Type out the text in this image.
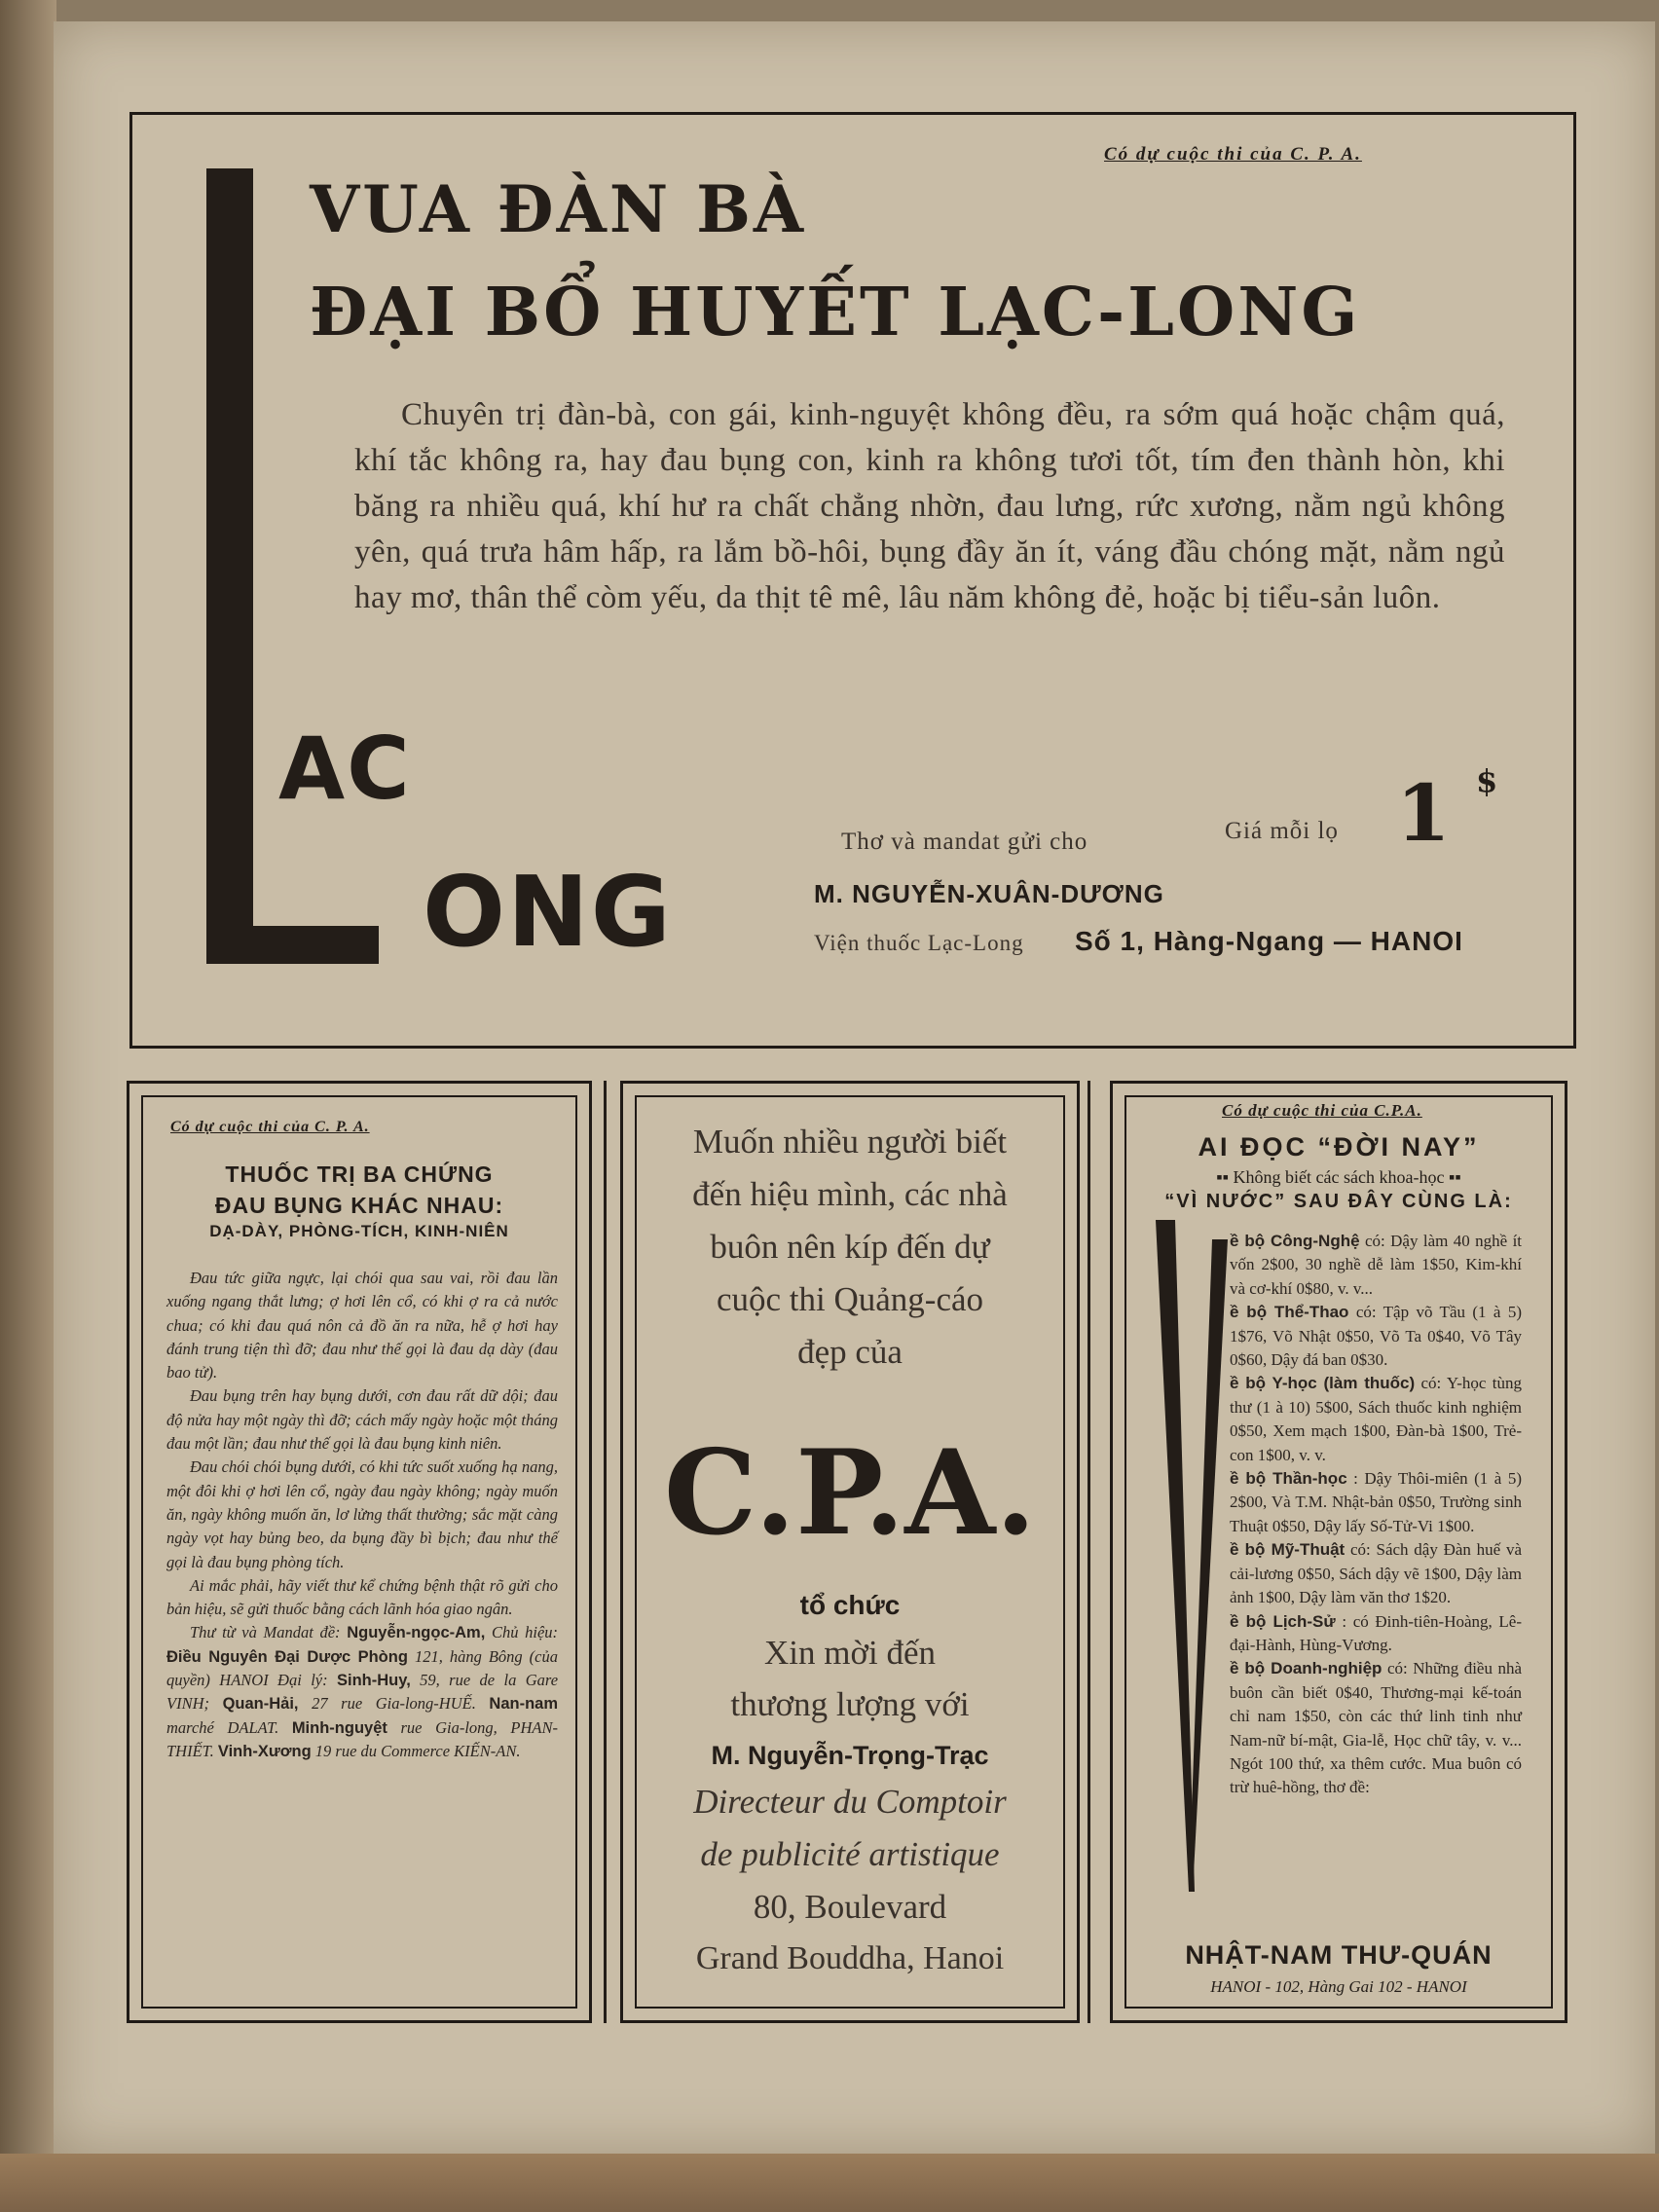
Có dự cuộc thi của C. P. A.
VUA ĐÀN BÀ
ĐẠI BỔ HUYẾT LẠC-LONG
Chuyên trị đàn-bà, con gái, kinh-nguyệt không đều, ra sớm quá hoặc chậm quá, khí tắc không ra, hay đau bụng con, kinh ra không tươi tốt, tím đen thành hòn, khi băng ra nhiều quá, khí hư ra chất chẳng nhờn, đau lưng, rức xương, nằm ngủ không yên, quá trưa hâm hấp, ra lắm bồ-hôi, bụng đầy ăn ít, váng đầu chóng mặt, nằm ngủ hay mơ, thân thể còm yếu, da thịt tê mê, lâu năm không đẻ, hoặc bị tiểu-sản luôn.
AC
ONG
Thơ và mandat gửi cho
M. NGUYỄN-XUÂN-DƯƠNG
Viện thuốc Lạc-Long Số 1, Hàng-Ngang — HANOI
Giá mỗi lọ 1 $
Có dự cuộc thi của C. P. A.
THUỐC TRỊ BA CHỨNG
ĐAU BỤNG KHÁC NHAU:
DẠ-DÀY, PHÒNG-TÍCH, KINH-NIÊN

Đau tức giữa ngực, lại chói qua sau vai, rồi đau lần xuống ngang thắt lưng; ợ hơi lên cổ, có khi ợ ra cả nước chua; có khi đau quá nôn cả đồ ăn ra nữa, hễ ợ hơi hay đánh trung tiện thì đỡ; đau như thế gọi là đau dạ dày (đau bao tử).

Đau bụng trên hay bụng dưới, cơn đau rất dữ dội; đau độ nửa hay một ngày thì đỡ; cách mấy ngày hoặc một tháng đau một lần; đau như thế gọi là đau bụng kinh niên.

Đau chói chói bụng dưới, có khi tức suốt xuống hạ nang, một đôi khi ợ hơi lên cổ, ngày đau ngày không; ngày muốn ăn, ngày không muốn ăn, lơ lửng thất thường; sắc mặt càng ngày vọt hay bủng beo, da bụng đầy bì bịch; đau như thế gọi là đau bụng phòng tích.

Ai mắc phải, hãy viết thư kể chứng bệnh thật rõ gửi cho bản hiệu, sẽ gửi thuốc bằng cách lãnh hóa giao ngân.

Thư từ và Mandat đề: Nguyễn-ngọc-Am, Chủ hiệu: Điều Nguyên Đại Dược Phòng 121, hàng Bông (của quyền) HANOI Đại lý: Sinh-Huy, 59, rue de la Gare VINH; Quan-Hải, 27 rue Gia-long-HUẾ. Nan-nam marché DALAT. Minh-nguyệt rue Gia-long, PHAN-THIẾT. Vinh-Xương 19 rue du Commerce KIẾN-AN.

Muốn nhiều người biết
đến hiệu mình, các nhà
buôn nên kíp đến dự
cuộc thi Quảng-cáo
đẹp của
C.P.A.
tổ chức
Xin mời đến
thương lượng với
M. Nguyễn-Trọng-Trạc
Directeur du Comptoir
de publicité artistique
80, Boulevard
Grand Bouddha, Hanoi
Có dự cuộc thi của C.P.A.
AI ĐỌC “ĐỜI NAY”
▪▪ Không biết các sách khoa-học ▪▪
“VÌ NƯỚC” SAU ĐÂY CÙNG LÀ:

ề bộ Công-Nghệ có: Dậy làm 40 nghề ít vốn 2$00, 30 nghề dễ làm 1$50, Kim-khí và cơ-khí 0$80, v. v...

ề bộ Thể-Thao có: Tập võ Tầu (1 à 5) 1$76, Võ Nhật 0$50, Võ Ta 0$40, Võ Tây 0$60, Dậy đá ban 0$30.

ề bộ Y-học (làm thuốc) có: Y-học tùng thư (1 à 10) 5$00, Sách thuốc kinh nghiệm 0$50, Xem mạch 1$00, Đàn-bà 1$00, Trẻ-con 1$00, v. v.

ề bộ Thần-học : Dậy Thôi-miên (1 à 5) 2$00, Và T.M. Nhật-bản 0$50, Trường sinh Thuật 0$50, Dậy lấy Số-Tử-Vi 1$00.

ề bộ Mỹ-Thuật có: Sách dậy Đàn huế và cải-lương 0$50, Sách dậy vẽ 1$00, Dậy làm ảnh 1$00, Dậy làm văn thơ 1$20.

ề bộ Lịch-Sử : có Đinh-tiên-Hoàng, Lê-đại-Hành, Hùng-Vương.

ề bộ Doanh-nghiệp có: Những điều nhà buôn cần biết 0$40, Thương-mại kế-toán chỉ nam 1$50, còn các thứ linh tinh như Nam-nữ bí-mật, Gia-lễ, Học chữ tây, v. v... Ngót 100 thứ, xa thêm cước. Mua buôn có trừ huê-hồng, thơ đề:

NHẬT-NAM THƯ-QUÁN
HANOI - 102, Hàng Gai 102 - HANOI
